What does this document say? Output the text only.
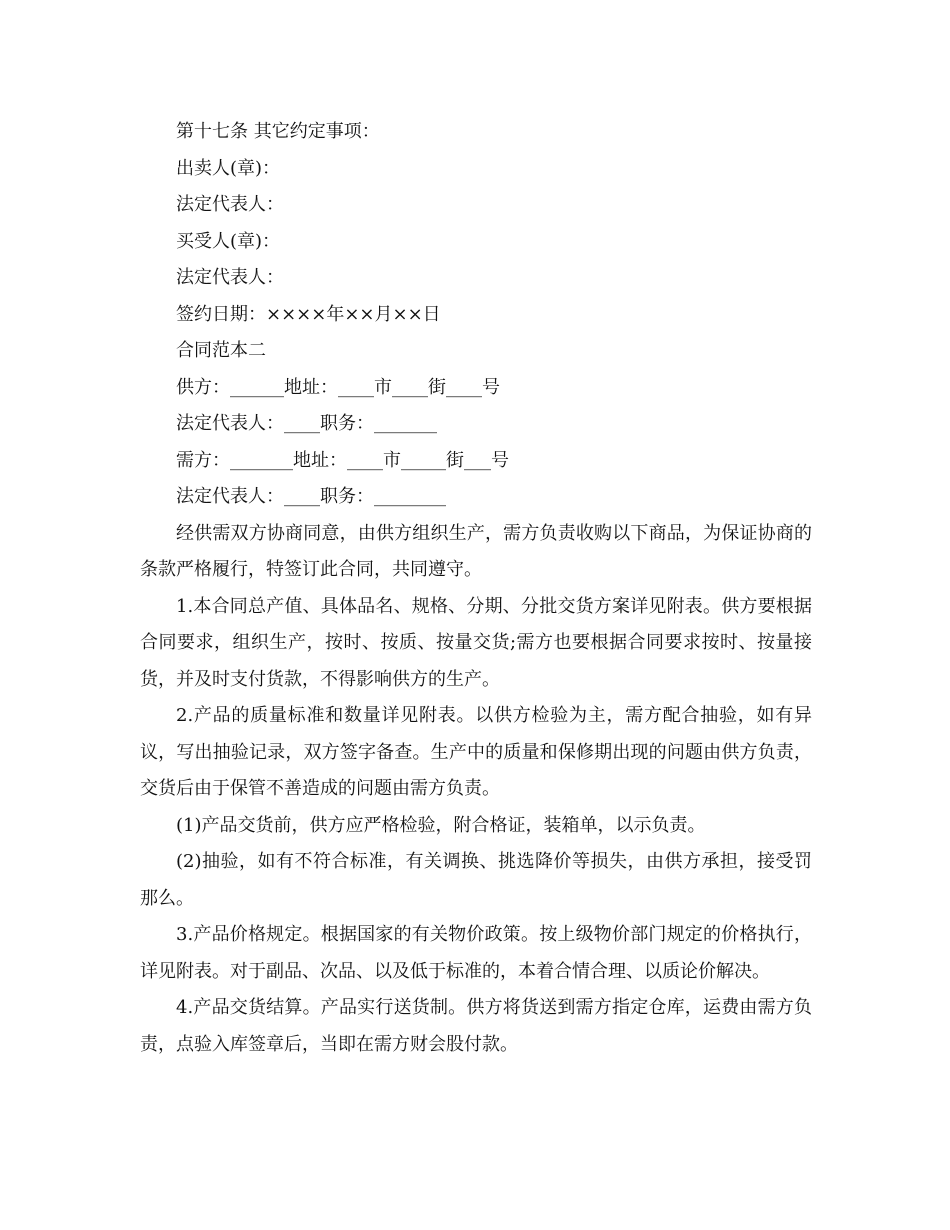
第十七条 其它约定事项：

出卖人(章)：

法定代表人：

买受人(章)：

法定代表人：

签约日期：××××年××月××日

合同范本二

供方：______地址：____市____街____号

法定代表人：____职务：_______

需方：_______地址：____市_____街___号

法定代表人：____职务：________

经供需双方协商同意，由供方组织生产，需方负责收购以下商品，为保证协商的条款严格履行，特签订此合同，共同遵守。

1.本合同总产值、具体品名、规格、分期、分批交货方案详见附表。供方要根据合同要求，组织生产，按时、按质、按量交货;需方也要根据合同要求按时、按量接货，并及时支付货款，不得影响供方的生产。

2.产品的质量标准和数量详见附表。以供方检验为主，需方配合抽验，如有异议，写出抽验记录，双方签字备查。生产中的质量和保修期出现的问题由供方负责，交货后由于保管不善造成的问题由需方负责。

(1)产品交货前，供方应严格检验，附合格证，装箱单，以示负责。

(2)抽验，如有不符合标准，有关调换、挑选降价等损失，由供方承担，接受罚那么。

3.产品价格规定。根据国家的有关物价政策。按上级物价部门规定的价格执行，详见附表。对于副品、次品、以及低于标准的，本着合情合理、以质论价解决。

4.产品交货结算。产品实行送货制。供方将货送到需方指定仓库，运费由需方负责，点验入库签章后，当即在需方财会股付款。
